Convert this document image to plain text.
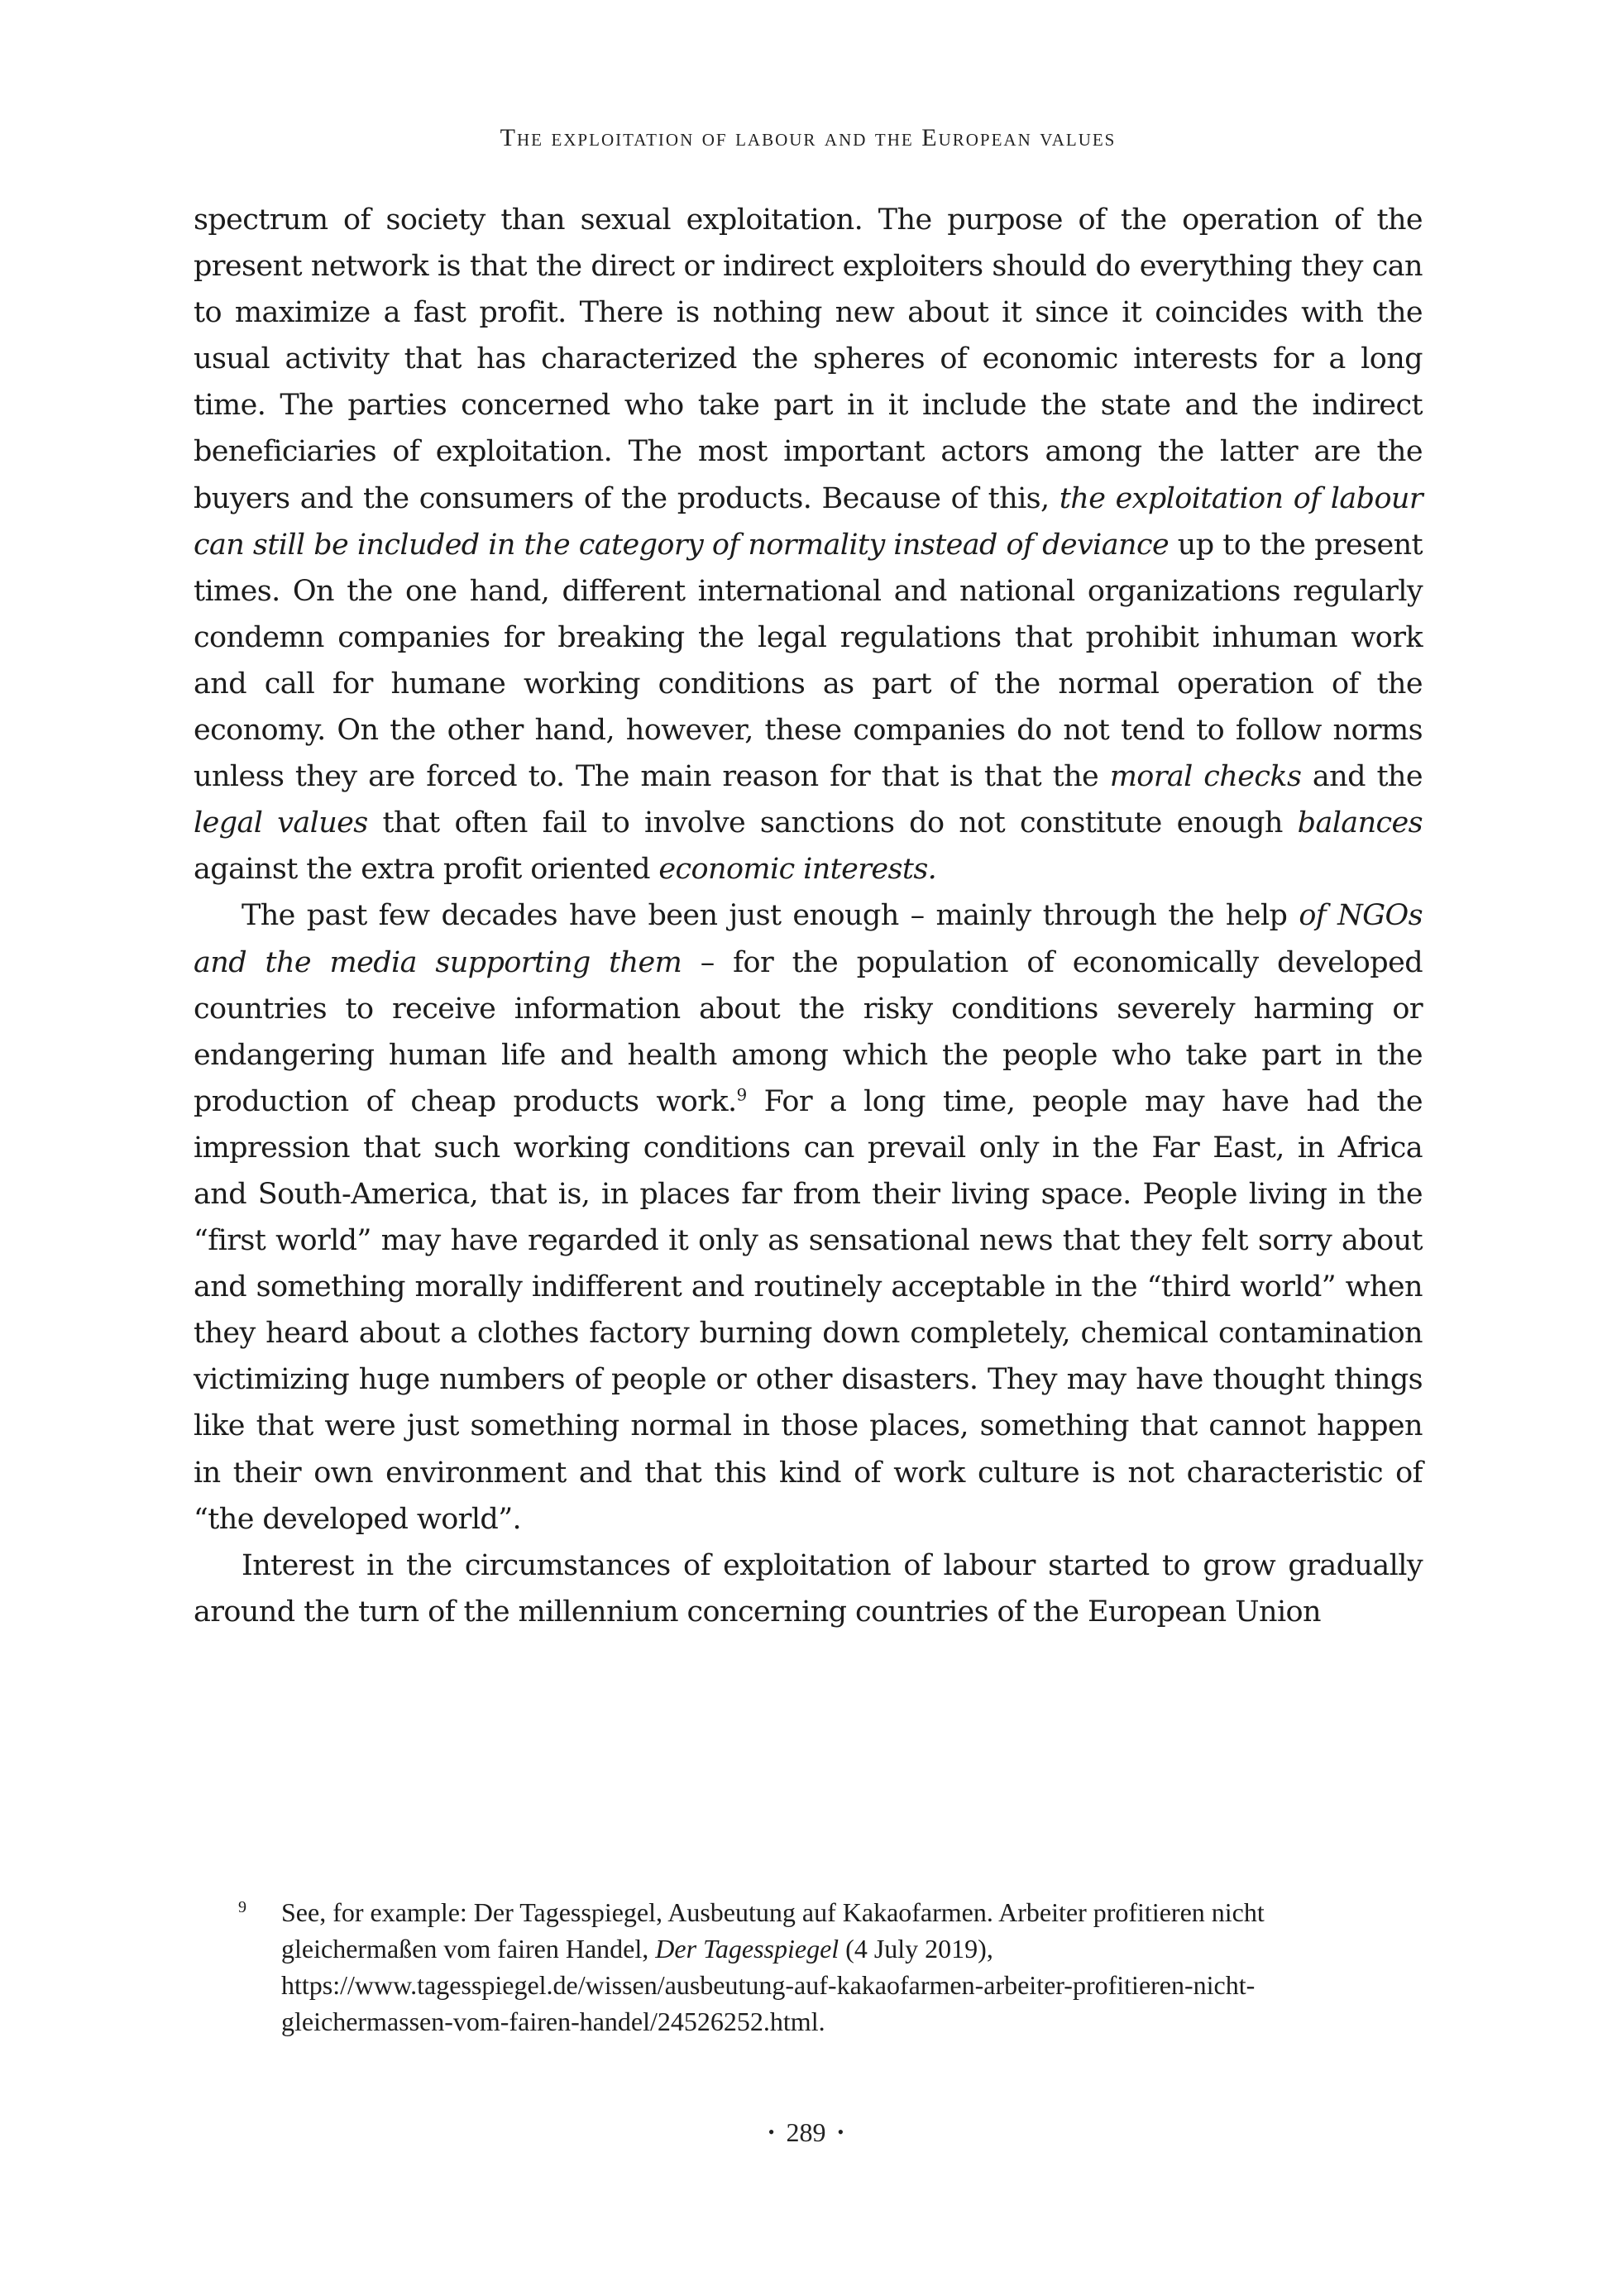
The exploitation of labour and the European values

spectrum of society than sexual exploitation. The purpose of the operation of the present network is that the direct or indirect exploiters should do everything they can to maximize a fast profit. There is nothing new about it since it coincides with the usual activity that has characterized the spheres of economic interests for a long time. The parties concerned who take part in it include the state and the indirect beneficiaries of exploitation. The most important actors among the latter are the buyers and the consumers of the products. Because of this, the exploitation of labour can still be included in the category of normality instead of deviance up to the present times. On the one hand, different international and national organizations regularly condemn companies for breaking the legal regulations that prohibit inhuman work and call for humane working conditions as part of the normal operation of the economy. On the other hand, however, these companies do not tend to follow norms unless they are forced to. The main reason for that is that the moral checks and the legal values that often fail to involve sanctions do not constitute enough balances against the extra profit oriented economic interests.

The past few decades have been just enough – mainly through the help of NGOs and the media supporting them – for the population of economically developed countries to receive information about the risky conditions severely harming or endangering human life and health among which the people who take part in the production of cheap products work.$^9$ For a long time, people may have had the impression that such working conditions can prevail only in the Far East, in Africa and South-America, that is, in places far from their living space. People living in the “first world” may have regarded it only as sensational news that they felt sorry about and something morally indifferent and routinely acceptable in the “third world” when they heard about a clothes factory burning down completely, chemical contamination victimizing huge numbers of people or other disasters. They may have thought things like that were just something normal in those places, something that cannot happen in their own environment and that this kind of work culture is not characteristic of “the developed world”.

Interest in the circumstances of exploitation of labour started to grow gradually around the turn of the millennium concerning countries of the European Union

9 See, for example: Der Tagesspiegel, Ausbeutung auf Kakaofarmen. Arbeiter profitieren nicht gleichermaßen vom fairen Handel, Der Tagesspiegel (4 July 2019), https://www.tagesspiegel.de/wissen/ausbeutung-auf-kakaofarmen-arbeiter-profitieren-nicht-gleichermassen-vom-fairen-handel/24526252.html.
• 289 •
